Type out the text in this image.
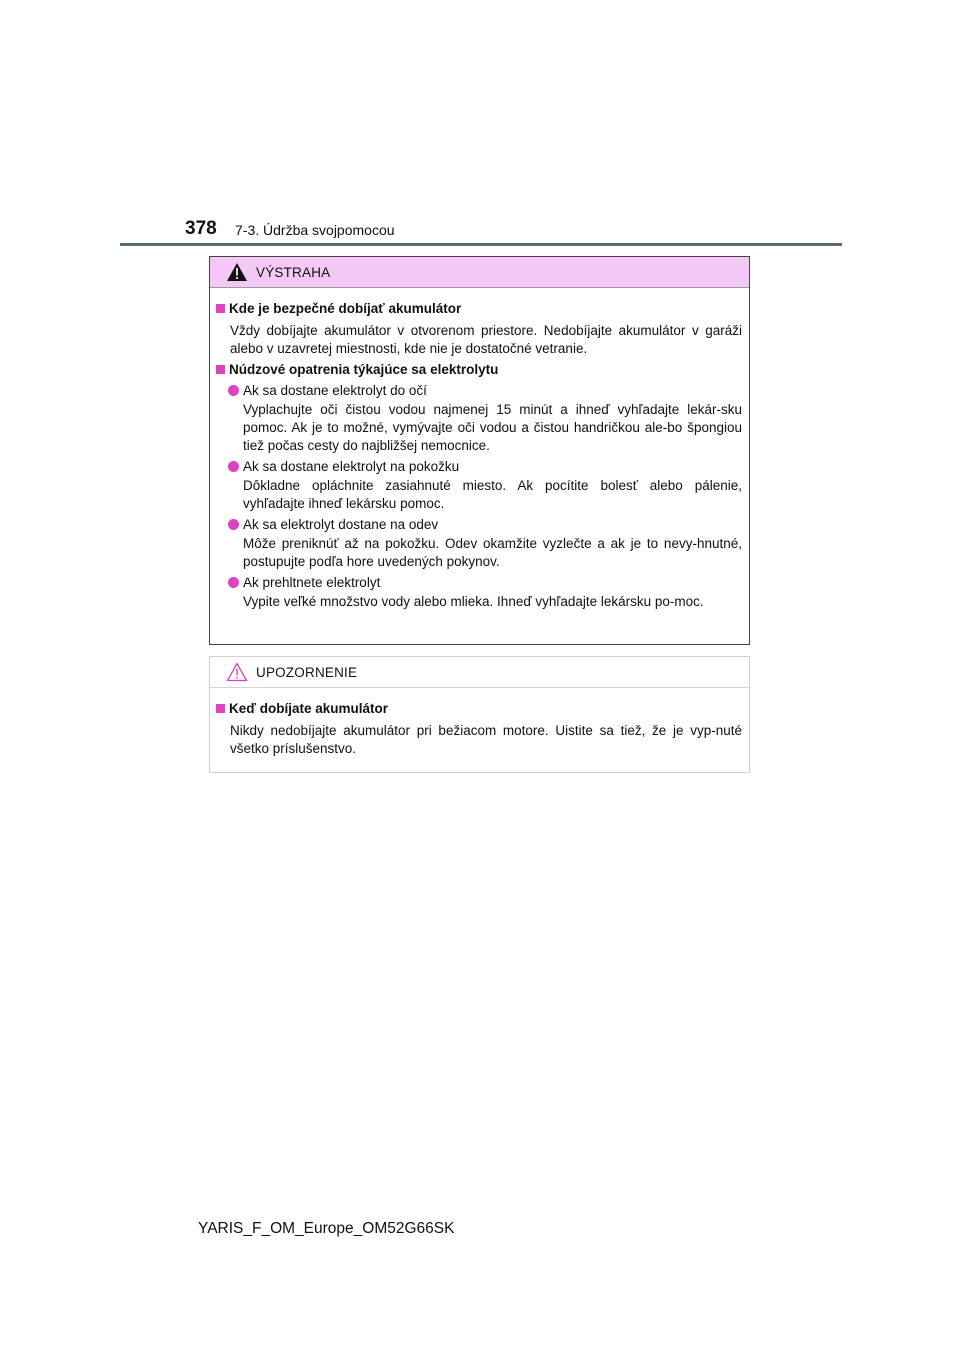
378 7-3. Údržba svojpomocou
VÝSTRAHA
Kde je bezpečné dobíjať akumulátor
Vždy dobíjajte akumulátor v otvorenom priestore. Nedobíjajte akumulátor v garáži alebo v uzavretej miestnosti, kde nie je dostatočné vetranie.
Núdzové opatrenia týkajúce sa elektrolytu
Ak sa dostane elektrolyt do očí
Vyplachujte oči čistou vodou najmenej 15 minút a ihneď vyhľadajte lekár-sku pomoc. Ak je to možné, vymývajte oči vodou a čistou handričkou ale-bo špongiou tiež počas cesty do najbližšej nemocnice.
Ak sa dostane elektrolyt na pokožku
Dôkladne opláchnite zasiahnuté miesto. Ak pocítite bolesť alebo pálenie, vyhľadajte ihneď lekársku pomoc.
Ak sa elektrolyt dostane na odev
Môže preniknúť až na pokožku. Odev okamžite vyzlečte a ak je to nevy-hnutné, postupujte podľa hore uvedených pokynov.
Ak prehltnete elektrolyt
Vypite veľké množstvo vody alebo mlieka. Ihneď vyhľadajte lekársku po-moc.
UPOZORNENIE
Keď dobíjate akumulátor
Nikdy nedobíjajte akumulátor pri bežiacom motore. Uistite sa tiež, že je vyp-nuté všetko príslušenstvo.
YARIS_F_OM_Europe_OM52G66SK
